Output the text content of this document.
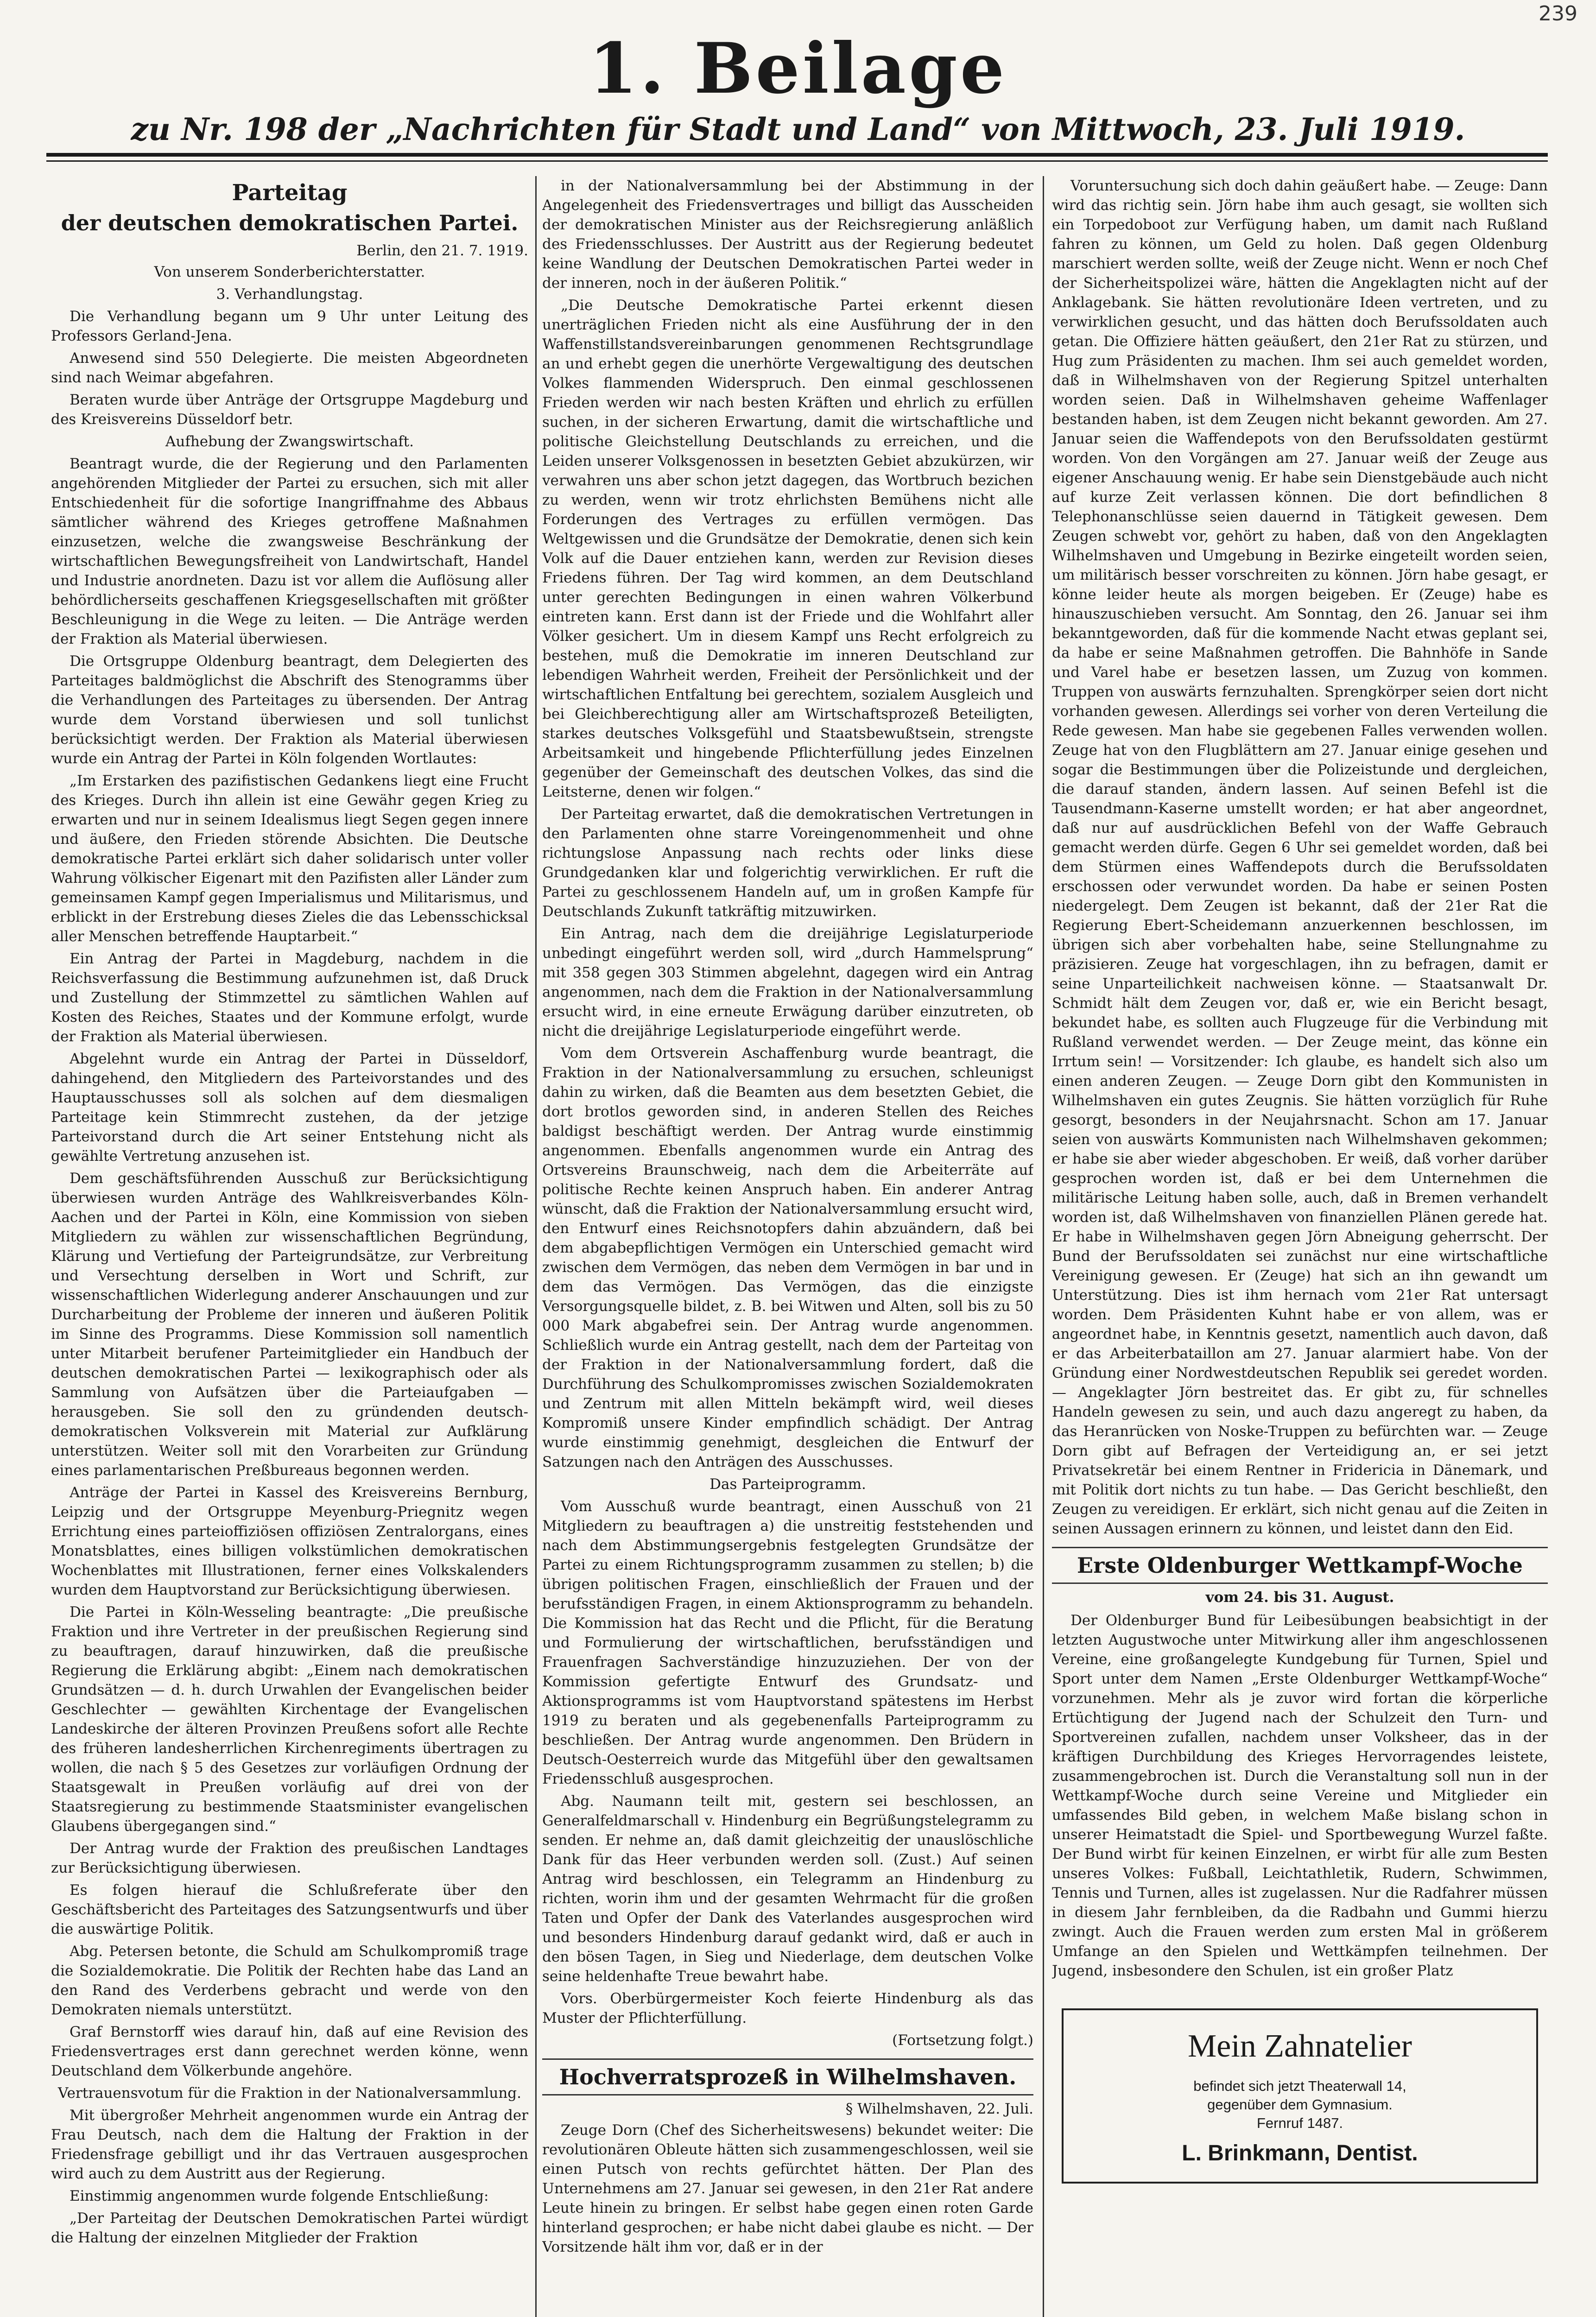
239
1. Beilage
zu Nr. 198 der „Nachrichten für Stadt und Land“ von Mittwoch, 23. Juli 1919.
Parteitag
der deutschen demokratischen Partei.
Berlin, den 21. 7. 1919.
Von unserem Sonderberichterstatter.
3. Verhandlungstag.

Die Verhandlung begann um 9 Uhr unter Leitung des Professors Gerland-Jena.

Anwesend sind 550 Delegierte. Die meisten Abgeordneten sind nach Weimar abgefahren.

Beraten wurde über Anträge der Ortsgruppe Magdeburg und des Kreisvereins Düsseldorf betr.

Aufhebung der Zwangswirtschaft.

Beantragt wurde, die der Regierung und den Parlamenten angehörenden Mitglieder der Partei zu ersuchen, sich mit aller Entschiedenheit für die sofortige Inangriffnahme des Abbaus sämtlicher während des Krieges getroffene Maßnahmen einzusetzen, welche die zwangsweise Beschränkung der wirtschaftlichen Bewegungsfreiheit von Landwirtschaft, Handel und Industrie anordneten. Dazu ist vor allem die Auflösung aller behördlicherseits geschaffenen Kriegsgesellschaften mit größter Beschleunigung in die Wege zu leiten. — Die Anträge werden der Fraktion als Material überwiesen.

Die Ortsgruppe Oldenburg beantragt, dem Delegierten des Parteitages baldmöglichst die Abschrift des Stenogramms über die Verhandlungen des Parteitages zu übersenden. Der Antrag wurde dem Vorstand überwiesen und soll tunlichst berücksichtigt werden. Der Fraktion als Material überwiesen wurde ein Antrag der Partei in Köln folgenden Wortlautes:

„Im Erstarken des pazifistischen Gedankens liegt eine Frucht des Krieges. Durch ihn allein ist eine Gewähr gegen Krieg zu erwarten und nur in seinem Idealismus liegt Segen gegen innere und äußere, den Frieden störende Absichten. Die Deutsche demokratische Partei erklärt sich daher solidarisch unter voller Wahrung völkischer Eigenart mit den Pazifisten aller Länder zum gemeinsamen Kampf gegen Imperialismus und Militarismus, und erblickt in der Erstrebung dieses Zieles die das Lebensschicksal aller Menschen betreffende Hauptarbeit.“

Ein Antrag der Partei in Magdeburg, nachdem in die Reichsverfassung die Bestimmung aufzunehmen ist, daß Druck und Zustellung der Stimmzettel zu sämtlichen Wahlen auf Kosten des Reiches, Staates und der Kommune erfolgt, wurde der Fraktion als Material überwiesen.

Abgelehnt wurde ein Antrag der Partei in Düsseldorf, dahingehend, den Mitgliedern des Parteivorstandes und des Hauptausschusses soll als solchen auf dem diesmaligen Parteitage kein Stimmrecht zustehen, da der jetzige Parteivorstand durch die Art seiner Entstehung nicht als gewählte Vertretung anzusehen ist.

Dem geschäftsführenden Ausschuß zur Berücksichtigung überwiesen wurden Anträge des Wahlkreisverbandes Köln-Aachen und der Partei in Köln, eine Kommission von sieben Mitgliedern zu wählen zur wissenschaftlichen Begründung, Klärung und Vertiefung der Parteigrundsätze, zur Verbreitung und Versechtung derselben in Wort und Schrift, zur wissenschaftlichen Widerlegung anderer Anschauungen und zur Durcharbeitung der Probleme der inneren und äußeren Politik im Sinne des Programms. Diese Kommission soll namentlich unter Mitarbeit berufener Parteimitglieder ein Handbuch der deutschen demokratischen Partei — lexikographisch oder als Sammlung von Aufsätzen über die Parteiaufgaben — herausgeben. Sie soll den zu gründenden deutsch-demokratischen Volksverein mit Material zur Aufklärung unterstützen. Weiter soll mit den Vorarbeiten zur Gründung eines parlamentarischen Preßbureaus begonnen werden.

Anträge der Partei in Kassel des Kreisvereins Bernburg, Leipzig und der Ortsgruppe Meyenburg-Priegnitz wegen Errichtung eines parteioffiziösen offiziösen Zentralorgans, eines Monatsblattes, eines billigen volkstümlichen demokratischen Wochenblattes mit Illustrationen, ferner eines Volkskalenders wurden dem Hauptvorstand zur Berücksichtigung überwiesen.

Die Partei in Köln-Wesseling beantragte: „Die preußische Fraktion und ihre Vertreter in der preußischen Regierung sind zu beauftragen, darauf hinzuwirken, daß die preußische Regierung die Erklärung abgibt: „Einem nach demokratischen Grundsätzen — d. h. durch Urwahlen der Evangelischen beider Geschlechter — gewählten Kirchentage der Evangelischen Landeskirche der älteren Provinzen Preußens sofort alle Rechte des früheren landesherrlichen Kirchenregiments übertragen zu wollen, die nach § 5 des Gesetzes zur vorläufigen Ordnung der Staatsgewalt in Preußen vorläufig auf drei von der Staatsregierung zu bestimmende Staatsminister evangelischen Glaubens übergegangen sind.“

Der Antrag wurde der Fraktion des preußischen Landtages zur Berücksichtigung überwiesen.

Es folgen hierauf die Schlußreferate über den Geschäftsbericht des Parteitages des Satzungsentwurfs und über die auswärtige Politik.

Abg. Petersen betonte, die Schuld am Schulkompromiß trage die Sozialdemokratie. Die Politik der Rechten habe das Land an den Rand des Verderbens gebracht und werde von den Demokraten niemals unterstützt.

Graf Bernstorff wies darauf hin, daß auf eine Revision des Friedensvertrages erst dann gerechnet werden könne, wenn Deutschland dem Völkerbunde angehöre.

Vertrauensvotum für die Fraktion in der Nationalversammlung.

Mit übergroßer Mehrheit angenommen wurde ein Antrag der Frau Deutsch, nach dem die Haltung der Fraktion in der Friedensfrage gebilligt und ihr das Vertrauen ausgesprochen wird auch zu dem Austritt aus der Regierung.

Einstimmig angenommen wurde folgende Entschließung:

„Der Parteitag der Deutschen Demokratischen Partei würdigt die Haltung der einzelnen Mitglieder der Fraktion

in der Nationalversammlung bei der Abstimmung in der Angelegenheit des Friedensvertrages und billigt das Ausscheiden der demokratischen Minister aus der Reichsregierung anläßlich des Friedensschlusses. Der Austritt aus der Regierung bedeutet keine Wandlung der Deutschen Demokratischen Partei weder in der inneren, noch in der äußeren Politik.“

„Die Deutsche Demokratische Partei erkennt diesen unerträglichen Frieden nicht als eine Ausführung der in den Waffenstillstandsvereinbarungen genommenen Rechtsgrundlage an und erhebt gegen die unerhörte Vergewaltigung des deutschen Volkes flammenden Widerspruch. Den einmal geschlossenen Frieden werden wir nach besten Kräften und ehrlich zu erfüllen suchen, in der sicheren Erwartung, damit die wirtschaftliche und politische Gleichstellung Deutschlands zu erreichen, und die Leiden unserer Volksgenossen in besetzten Gebiet abzukürzen, wir verwahren uns aber schon jetzt dagegen, das Wortbruch bezichen zu werden, wenn wir trotz ehrlichsten Bemühens nicht alle Forderungen des Vertrages zu erfüllen vermögen. Das Weltgewissen und die Grundsätze der Demokratie, denen sich kein Volk auf die Dauer entziehen kann, werden zur Revision dieses Friedens führen. Der Tag wird kommen, an dem Deutschland unter gerechten Bedingungen in einen wahren Völkerbund eintreten kann. Erst dann ist der Friede und die Wohlfahrt aller Völker gesichert. Um in diesem Kampf uns Recht erfolgreich zu bestehen, muß die Demokratie im inneren Deutschland zur lebendigen Wahrheit werden, Freiheit der Persönlichkeit und der wirtschaftlichen Entfaltung bei gerechtem, sozialem Ausgleich und bei Gleichberechtigung aller am Wirtschaftsprozeß Beteiligten, starkes deutsches Volksgefühl und Staatsbewußtsein, strengste Arbeitsamkeit und hingebende Pflichterfüllung jedes Einzelnen gegenüber der Gemeinschaft des deutschen Volkes, das sind die Leitsterne, denen wir folgen.“

Der Parteitag erwartet, daß die demokratischen Vertretungen in den Parlamenten ohne starre Voreingenommenheit und ohne richtungslose Anpassung nach rechts oder links diese Grundgedanken klar und folgerichtig verwirklichen. Er ruft die Partei zu geschlossenem Handeln auf, um in großen Kampfe für Deutschlands Zukunft tatkräftig mitzuwirken.

Ein Antrag, nach dem die dreijährige Legislaturperiode unbedingt eingeführt werden soll, wird „durch Hammelsprung“ mit 358 gegen 303 Stimmen abgelehnt, dagegen wird ein Antrag angenommen, nach dem die Fraktion in der Nationalversammlung ersucht wird, in eine erneute Erwägung darüber einzutreten, ob nicht die dreijährige Legislaturperiode eingeführt werde.

Vom dem Ortsverein Aschaffenburg wurde beantragt, die Fraktion in der Nationalversammlung zu ersuchen, schleunigst dahin zu wirken, daß die Beamten aus dem besetzten Gebiet, die dort brotlos geworden sind, in anderen Stellen des Reiches baldigst beschäftigt werden. Der Antrag wurde einstimmig angenommen. Ebenfalls angenommen wurde ein Antrag des Ortsvereins Braunschweig, nach dem die Arbeiterräte auf politische Rechte keinen Anspruch haben. Ein anderer Antrag wünscht, daß die Fraktion der Nationalversammlung ersucht wird, den Entwurf eines Reichsnotopfers dahin abzuändern, daß bei dem abgabepflichtigen Vermögen ein Unterschied gemacht wird zwischen dem Vermögen, das neben dem Vermögen in bar und in dem das Vermögen. Das Vermögen, das die einzigste Versorgungsquelle bildet, z. B. bei Witwen und Alten, soll bis zu 50 000 Mark abgabefrei sein. Der Antrag wurde angenommen. Schließlich wurde ein Antrag gestellt, nach dem der Parteitag von der Fraktion in der Nationalversammlung fordert, daß die Durchführung des Schulkompromisses zwischen Sozialdemokraten und Zentrum mit allen Mitteln bekämpft wird, weil dieses Kompromiß unsere Kinder empfindlich schädigt. Der Antrag wurde einstimmig genehmigt, desgleichen die Entwurf der Satzungen nach den Anträgen des Ausschusses.

Das Parteiprogramm.

Vom Ausschuß wurde beantragt, einen Ausschuß von 21 Mitgliedern zu beauftragen a) die unstreitig feststehenden und nach dem Abstimmungsergebnis festgelegten Grundsätze der Partei zu einem Richtungsprogramm zusammen zu stellen; b) die übrigen politischen Fragen, einschließlich der Frauen und der berufsständigen Fragen, in einem Aktionsprogramm zu behandeln. Die Kommission hat das Recht und die Pflicht, für die Beratung und Formulierung der wirtschaftlichen, berufsständigen und Frauenfragen Sachverständige hinzuzuziehen. Der von der Kommission gefertigte Entwurf des Grundsatz- und Aktionsprogramms ist vom Hauptvorstand spätestens im Herbst 1919 zu beraten und als gegebenenfalls Parteiprogramm zu beschließen. Der Antrag wurde angenommen. Den Brüdern in Deutsch-Oesterreich wurde das Mitgefühl über den gewaltsamen Friedensschluß ausgesprochen.

Abg. Naumann teilt mit, gestern sei beschlossen, an Generalfeldmarschall v. Hindenburg ein Begrüßungstelegramm zu senden. Er nehme an, daß damit gleichzeitig der unauslöschliche Dank für das Heer verbunden werden soll. (Zust.) Auf seinen Antrag wird beschlossen, ein Telegramm an Hindenburg zu richten, worin ihm und der gesamten Wehrmacht für die großen Taten und Opfer der Dank des Vaterlandes ausgesprochen wird und besonders Hindenburg darauf gedankt wird, daß er auch in den bösen Tagen, in Sieg und Niederlage, dem deutschen Volke seine heldenhafte Treue bewahrt habe.

Vors. Oberbürgermeister Koch feierte Hindenburg als das Muster der Pflichterfüllung.

(Fortsetzung folgt.)
Hochverratsprozeß in Wilhelmshaven.
§ Wilhelmshaven, 22. Juli.

Zeuge Dorn (Chef des Sicherheitswesens) bekundet weiter: Die revolutionären Obleute hätten sich zusammengeschlossen, weil sie einen Putsch von rechts gefürchtet hätten. Der Plan des Unternehmens am 27. Januar sei gewesen, in den 21er Rat andere Leute hinein zu bringen. Er selbst habe gegen einen roten Garde hinterland gesprochen; er habe nicht dabei glaube es nicht. — Der Vorsitzende hält ihm vor, daß er in der

Voruntersuchung sich doch dahin geäußert habe. — Zeuge: Dann wird das richtig sein. Jörn habe ihm auch gesagt, sie wollten sich ein Torpedoboot zur Verfügung haben, um damit nach Rußland fahren zu können, um Geld zu holen. Daß gegen Oldenburg marschiert werden sollte, weiß der Zeuge nicht. Wenn er noch Chef der Sicherheitspolizei wäre, hätten die Angeklagten nicht auf der Anklagebank. Sie hätten revolutionäre Ideen vertreten, und zu verwirklichen gesucht, und das hätten doch Berufssoldaten auch getan. Die Offiziere hätten geäußert, den 21er Rat zu stürzen, und Hug zum Präsidenten zu machen. Ihm sei auch gemeldet worden, daß in Wilhelmshaven von der Regierung Spitzel unterhalten worden seien. Daß in Wilhelmshaven geheime Waffenlager bestanden haben, ist dem Zeugen nicht bekannt geworden. Am 27. Januar seien die Waffendepots von den Berufssoldaten gestürmt worden. Von den Vorgängen am 27. Januar weiß der Zeuge aus eigener Anschauung wenig. Er habe sein Dienstgebäude auch nicht auf kurze Zeit verlassen können. Die dort befindlichen 8 Telephonanschlüsse seien dauernd in Tätigkeit gewesen. Dem Zeugen schwebt vor, gehört zu haben, daß von den Angeklagten Wilhelmshaven und Umgebung in Bezirke eingeteilt worden seien, um militärisch besser vorschreiten zu können. Jörn habe gesagt, er könne leider heute als morgen beigeben. Er (Zeuge) habe es hinauszuschieben versucht. Am Sonntag, den 26. Januar sei ihm bekanntgeworden, daß für die kommende Nacht etwas geplant sei, da habe er seine Maßnahmen getroffen. Die Bahnhöfe in Sande und Varel habe er besetzen lassen, um Zuzug von kommen. Truppen von auswärts fernzuhalten. Sprengkörper seien dort nicht vorhanden gewesen. Allerdings sei vorher von deren Verteilung die Rede gewesen. Man habe sie gegebenen Falles verwenden wollen. Zeuge hat von den Flugblättern am 27. Januar einige gesehen und sogar die Bestimmungen über die Polizeistunde und dergleichen, die darauf standen, ändern lassen. Auf seinen Befehl ist die Tausendmann-Kaserne umstellt worden; er hat aber angeordnet, daß nur auf ausdrücklichen Befehl von der Waffe Gebrauch gemacht werden dürfe. Gegen 6 Uhr sei gemeldet worden, daß bei dem Stürmen eines Waffendepots durch die Berufssoldaten erschossen oder verwundet worden. Da habe er seinen Posten niedergelegt. Dem Zeugen ist bekannt, daß der 21er Rat die Regierung Ebert-Scheidemann anzuerkennen beschlossen, im übrigen sich aber vorbehalten habe, seine Stellungnahme zu präzisieren. Zeuge hat vorgeschlagen, ihn zu befragen, damit er seine Unparteilichkeit nachweisen könne. — Staatsanwalt Dr. Schmidt hält dem Zeugen vor, daß er, wie ein Bericht besagt, bekundet habe, es sollten auch Flugzeuge für die Verbindung mit Rußland verwendet werden. — Der Zeuge meint, das könne ein Irrtum sein! — Vorsitzender: Ich glaube, es handelt sich also um einen anderen Zeugen. — Zeuge Dorn gibt den Kommunisten in Wilhelmshaven ein gutes Zeugnis. Sie hätten vorzüglich für Ruhe gesorgt, besonders in der Neujahrsnacht. Schon am 17. Januar seien von auswärts Kommunisten nach Wilhelmshaven gekommen; er habe sie aber wieder abgeschoben. Er weiß, daß vorher darüber gesprochen worden ist, daß er bei dem Unternehmen die militärische Leitung haben solle, auch, daß in Bremen verhandelt worden ist, daß Wilhelmshaven von finanziellen Plänen gerede hat. Er habe in Wilhelmshaven gegen Jörn Abneigung geherrscht. Der Bund der Berufssoldaten sei zunächst nur eine wirtschaftliche Vereinigung gewesen. Er (Zeuge) hat sich an ihn gewandt um Unterstützung. Dies ist ihm hernach vom 21er Rat untersagt worden. Dem Präsidenten Kuhnt habe er von allem, was er angeordnet habe, in Kenntnis gesetzt, namentlich auch davon, daß er das Arbeiterbataillon am 27. Januar alarmiert habe. Von der Gründung einer Nordwestdeutschen Republik sei geredet worden. — Angeklagter Jörn bestreitet das. Er gibt zu, für schnelles Handeln gewesen zu sein, und auch dazu angeregt zu haben, da das Heranrücken von Noske-Truppen zu befürchten war. — Zeuge Dorn gibt auf Befragen der Verteidigung an, er sei jetzt Privatsekretär bei einem Rentner in Fridericia in Dänemark, und mit Politik dort nichts zu tun habe. — Das Gericht beschließt, den Zeugen zu vereidigen. Er erklärt, sich nicht genau auf die Zeiten in seinen Aussagen erinnern zu können, und leistet dann den Eid.

Erste Oldenburger Wettkampf-Woche
vom 24. bis 31. August.

Der Oldenburger Bund für Leibesübungen beabsichtigt in der letzten Augustwoche unter Mitwirkung aller ihm angeschlossenen Vereine, eine großangelegte Kundgebung für Turnen, Spiel und Sport unter dem Namen „Erste Oldenburger Wettkampf-Woche“ vorzunehmen. Mehr als je zuvor wird fortan die körperliche Ertüchtigung der Jugend nach der Schulzeit den Turn- und Sportvereinen zufallen, nachdem unser Volksheer, das in der kräftigen Durchbildung des Krieges Hervorragendes leistete, zusammengebrochen ist. Durch die Veranstaltung soll nun in der Wettkampf-Woche durch seine Vereine und Mitglieder ein umfassendes Bild geben, in welchem Maße bislang schon in unserer Heimatstadt die Spiel- und Sportbewegung Wurzel faßte. Der Bund wirbt für keinen Einzelnen, er wirbt für alle zum Besten unseres Volkes: Fußball, Leichtathletik, Rudern, Schwimmen, Tennis und Turnen, alles ist zugelassen. Nur die Radfahrer müssen in diesem Jahr fernbleiben, da die Radbahn und Gummi hierzu zwingt. Auch die Frauen werden zum ersten Mal in größerem Umfange an den Spielen und Wettkämpfen teilnehmen. Der Jugend, insbesondere den Schulen, ist ein großer Platz

Mein Zahnatelier
befindet sich jetzt Theaterwall 14,
gegenüber dem Gymnasium.
Fernruf 1487.
L. Brinkmann, Dentist.
